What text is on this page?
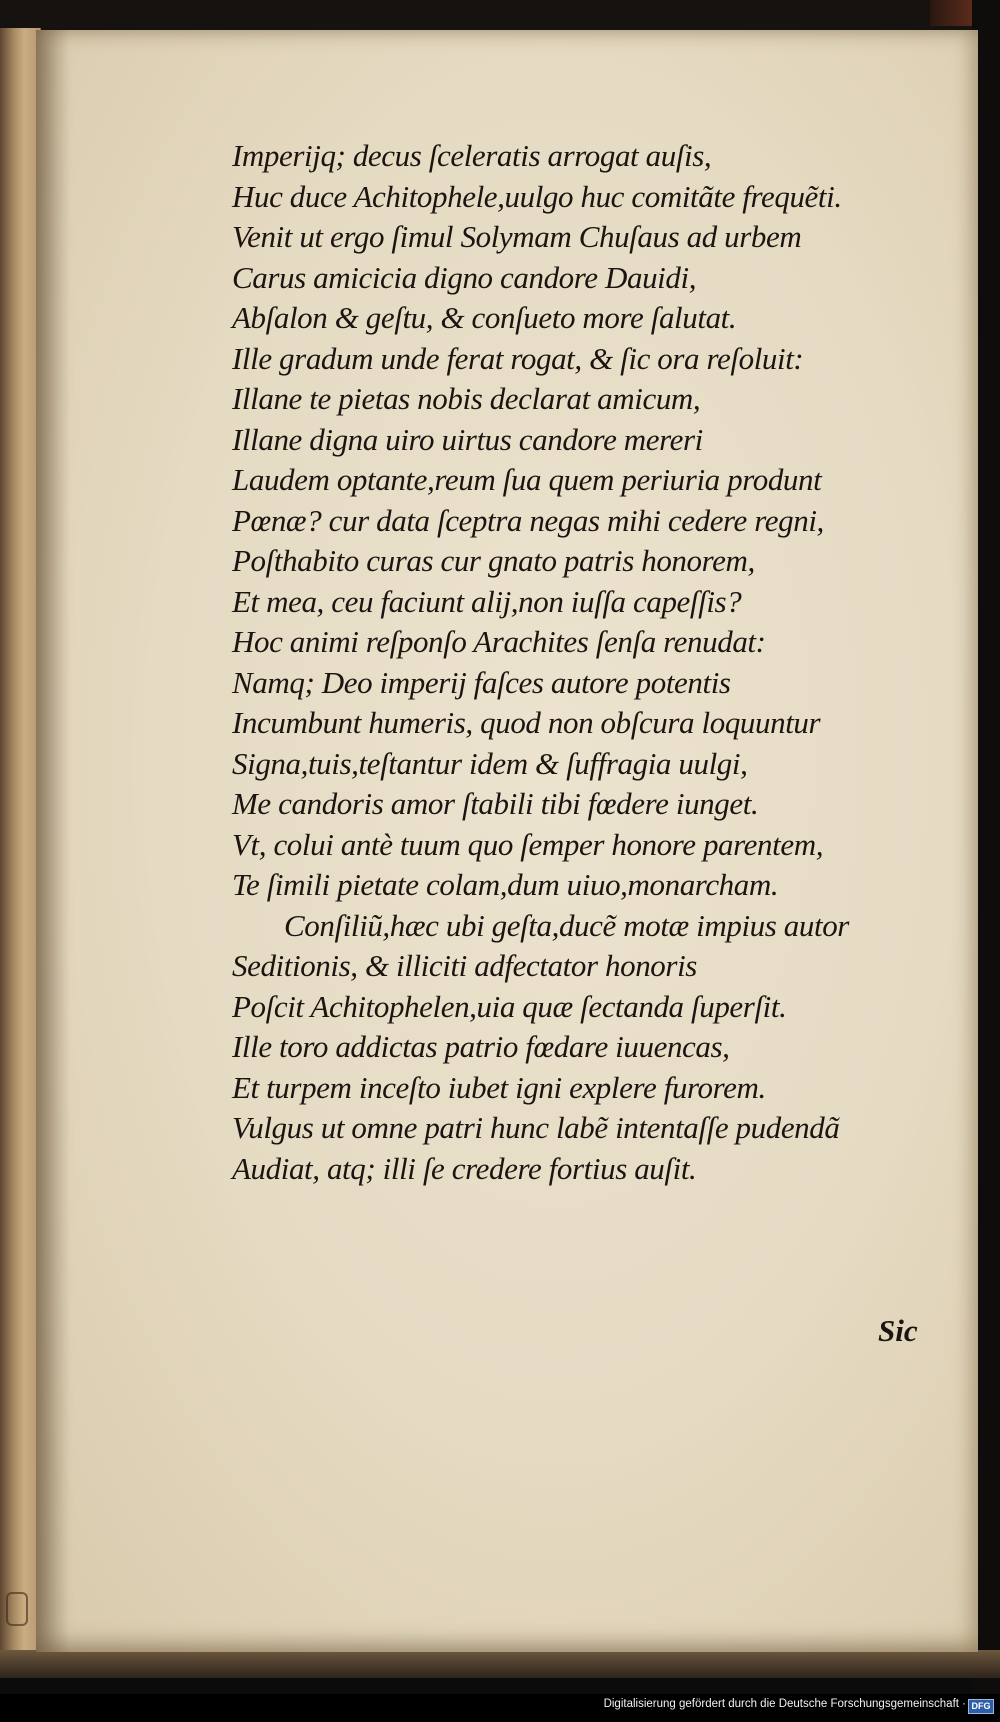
Imperijq; decus ſceleratis arrogat auſis,

Huc duce Achitophele,uulgo huc comitãte frequẽti.

Venit ut ergo ſimul Solymam Chuſaus ad urbem

Carus amicicia digno candore Dauidi,

Abſalon & geſtu, & conſueto more ſalutat.

Ille gradum unde ferat rogat, & ſic ora reſoluit:

Illane te pietas nobis declarat amicum,

Illane digna uiro uirtus candore mereri

Laudem optante,reum ſua quem periuria produnt

Pœnæ? cur data ſceptra negas mihi cedere regni,

Poſthabito curas cur gnato patris honorem,

Et mea, ceu faciunt alij,non iuſſa capeſſis?

Hoc animi reſponſo Arachites ſenſa renudat:

Namq; Deo imperij faſces autore potentis

Incumbunt humeris, quod non obſcura loquuntur

Signa,tuis,teſtantur idem & ſuffragia uulgi,

Me candoris amor ſtabili tibi fœdere iunget.

Vt, colui antè tuum quo ſemper honore parentem,

Te ſimili pietate colam,dum uiuo,monarcham.

Conſiliũ,hæc ubi geſta,ducẽ motæ impius autor

Seditionis, & illiciti adfectator honoris

Poſcit Achitophelen,uia quæ ſectanda ſuperſit.

Ille toro addictas patrio fœdare iuuencas,

Et turpem inceſto iubet igni explere furorem.

Vulgus ut omne patri hunc labẽ intentaſſe pudendã

Audiat, atq; illi ſe credere fortius auſit.

Sic
Digitalisierung gefördert durch die Deutsche Forschungsgemeinschaft · DFG
